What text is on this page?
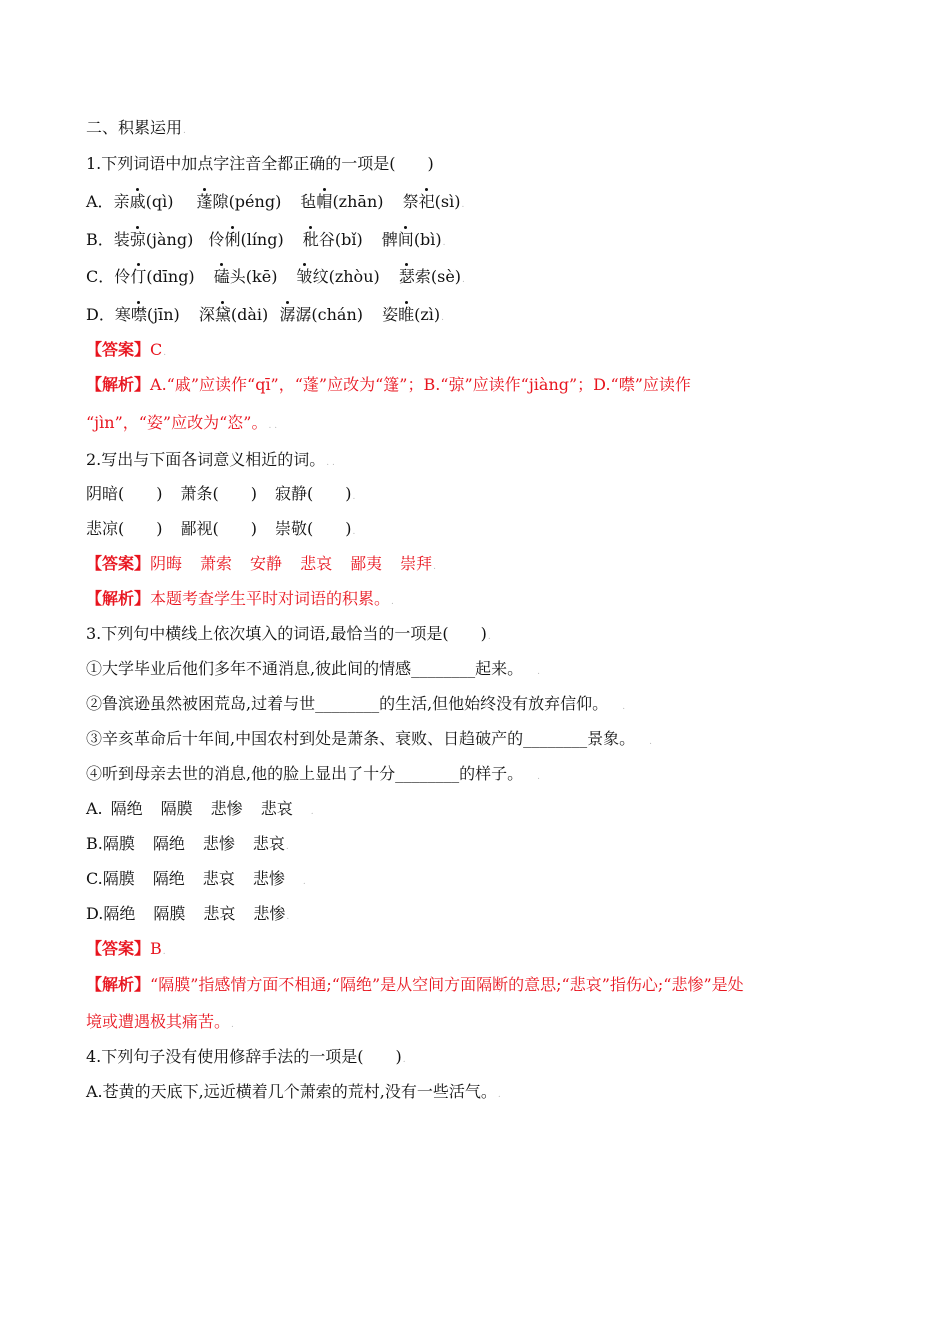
二、积累运用.
1.下列词语中加点字注音全都正确的一项是(　　)
A．亲戚(qì) 蓬隙(péng) 毡帽(zhān) 祭祀(sì).
B．装弶(jàng) 伶俐(líng) 秕谷(bǐ) 髀间(bì).
C．伶仃(dīng) 磕头(kē) 皱纹(zhòu) 瑟索(sè).
D．寒噤(jīn) 深黛(dài) 潺潺(chán) 姿睢(zì).
【答案】C.
【解析】A.“戚”应读作“qī”，“蓬”应改为“篷”；B.“弶”应读作“jiàng”；D.“噤”应读作
“jìn”，“姿”应改为“恣”。. .
2.写出与下面各词意义相近的词。. .
阴暗(　　) 萧条(　　) 寂静(　　).
悲凉(　　) 鄙视(　　) 崇敬(　　).
【答案】阴晦 萧索 安静 悲哀 鄙夷 崇拜.
【解析】本题考查学生平时对词语的积累。.
3.下列句中横线上依次填入的词语,最恰当的一项是(　　).
①大学毕业后他们多年不通消息,彼此间的情感________起来。 .
②鲁滨逊虽然被困荒岛,过着与世________的生活,但他始终没有放弃信仰。 .
③辛亥革命后十年间,中国农村到处是萧条、衰败、日趋破产的________景象。 .
④听到母亲去世的消息,他的脸上显出了十分________的样子。 .
A. 隔绝 隔膜 悲惨 悲哀 .
B.隔膜 隔绝 悲惨 悲哀.
C.隔膜 隔绝 悲哀 悲惨 .
D.隔绝 隔膜 悲哀 悲惨.
【答案】B.
【解析】“隔膜”指感情方面不相通;“隔绝”是从空间方面隔断的意思;“悲哀”指伤心;“悲惨”是处
境或遭遇极其痛苦。.
4.下列句子没有使用修辞手法的一项是(　　).
A.苍黄的天底下,远近横着几个萧索的荒村,没有一些活气。.
